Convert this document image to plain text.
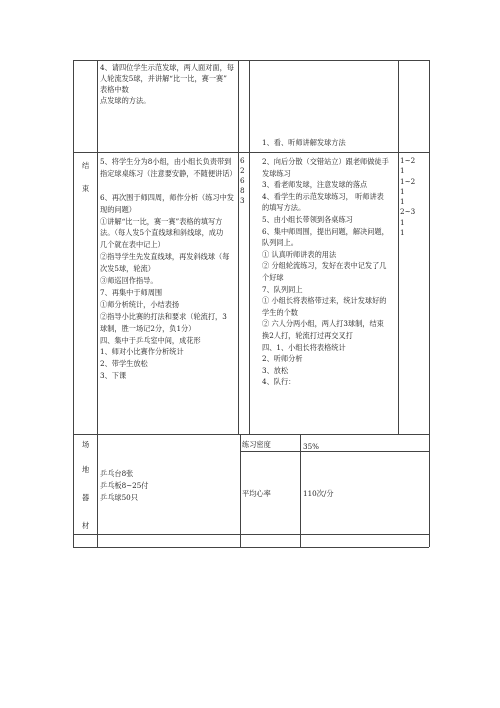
4、请四位学生示范发球，两人面对面，每
人轮流发5球，并讲解“比一比，赛一赛”
表格中数
点发球的方法。
1、看、听师讲解发球方法
结
束
5、将学生分为8小组，由小组长负责带到
指定球桌练习（注意要安静，不随便讲话）
6、再次围于师四周，师作分析（练习中发
现的问题）
①讲解“比一比，赛一赛”表格的填写方
法。（每人发5个直线球和斜线球，成功
几个就在表中记上）
②指导学生先发直线球，再发斜线球（每
次发5球，轮流）
③师巡回作指导。
7、再集中于师周围
①师分析统计，小结表扬
②指导小比赛的打法和要求（轮流打，3
球制，胜一场记2分，负1分）
四、集中于乒乓室中间，成花形
1、师对小比赛作分析统计
2、带学生放松
3、下课
6
2
6
8
3
2、向后分散（交错站立）跟老师做徒手
发球练习
3、看老师发球，注意发球的落点
4、看学生的示范发球练习， 听师讲表
的填写方法。
5、由小组长带领到各桌练习
6、集中师周围，提出问题，解决问题，
队列同上。
① 认真听师讲表的用法
② 分组轮流练习，发好在表中记发了几
个好球
7、队列同上
① 小组长将表格带过来，统计发球好的
学生的个数
② 六人分两小组，两人打3球制，结束
换2人打，轮流打过再交叉打
四、1、小组长将表格统计
2、听师分析
3、放松
4、队行：
1~2
1
1~2
1
1
2~3
1
1
场
地
器
材
乒乓台8张
乒乓板8~25付
乒乓球50只
练习密度	35%
平均心率	110次/分
